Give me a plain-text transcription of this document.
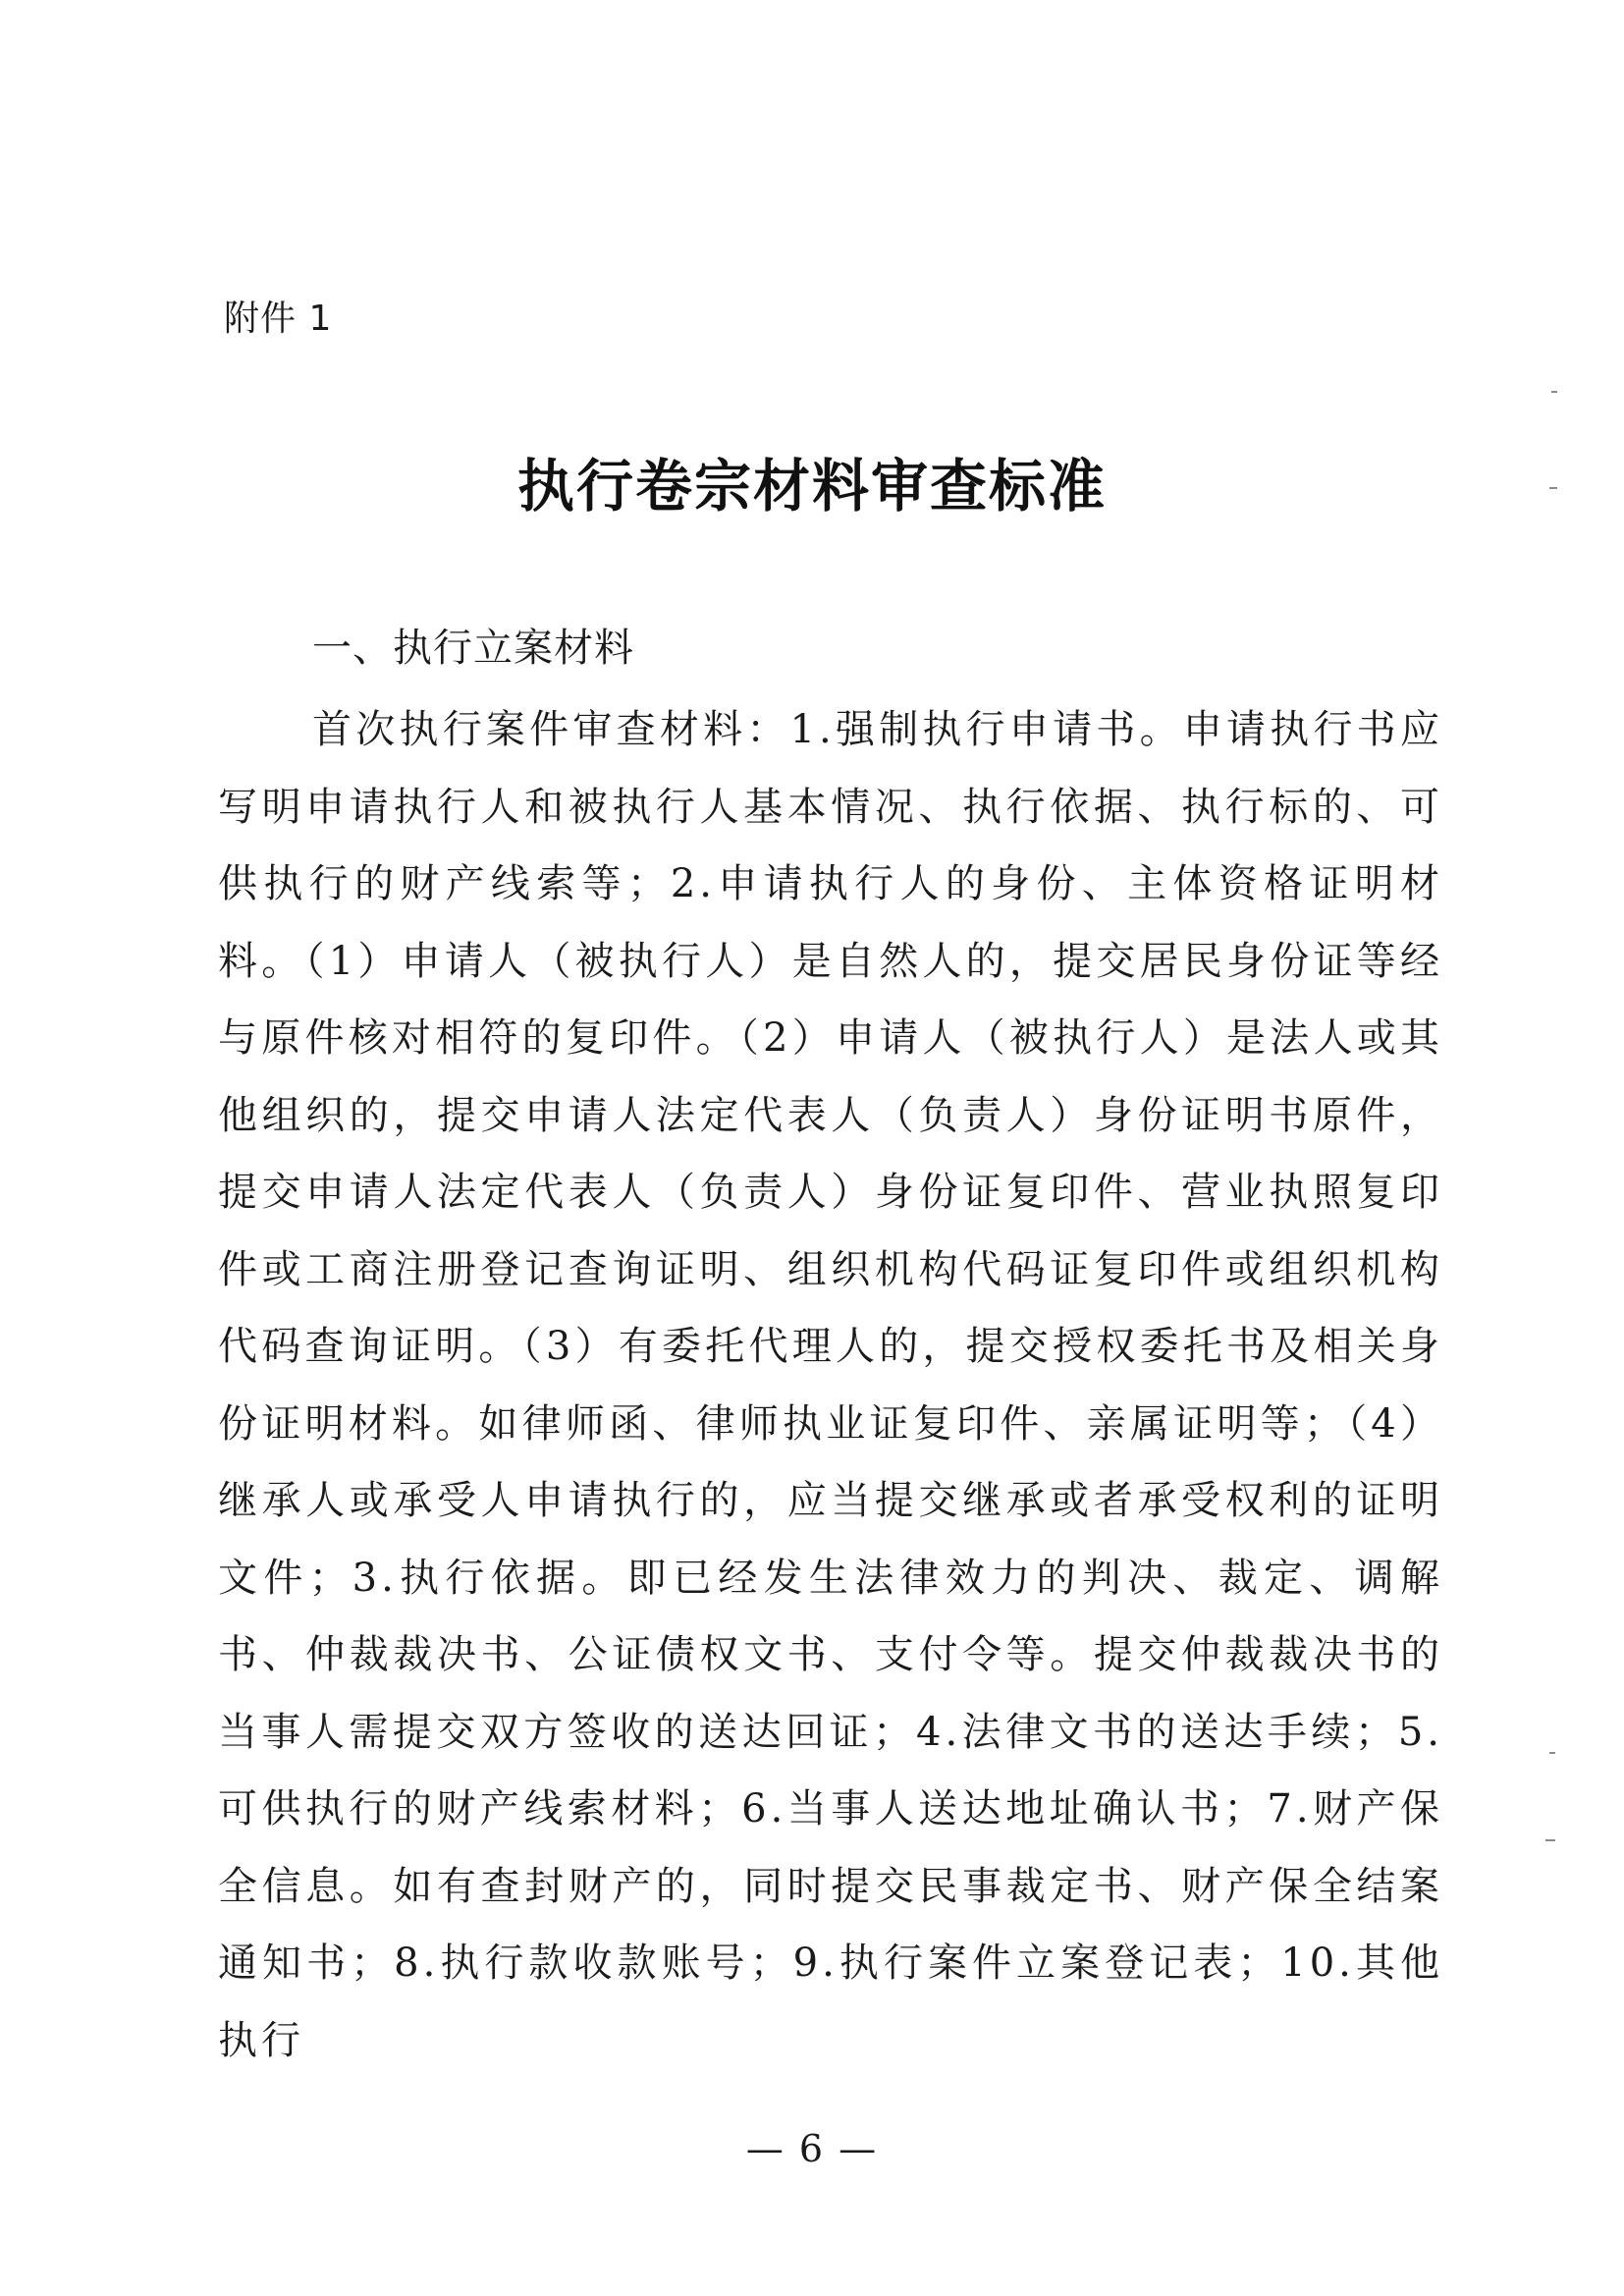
附件 1
执行卷宗材料审查标准
一、执行立案材料

首次执行案件审查材料：1.强制执行申请书。申请执行书应写明申请执行人和被执行人基本情况、执行依据、执行标的、可供执行的财产线索等；2.申请执行人的身份、主体资格证明材料。（1）申请人（被执行人）是自然人的，提交居民身份证等经与原件核对相符的复印件。（2）申请人（被执行人）是法人或其他组织的，提交申请人法定代表人（负责人）身份证明书原件，提交申请人法定代表人（负责人）身份证复印件、营业执照复印件或工商注册登记查询证明、组织机构代码证复印件或组织机构代码查询证明。（3）有委托代理人的，提交授权委托书及相关身份证明材料。如律师函、律师执业证复印件、亲属证明等；（4）继承人或承受人申请执行的，应当提交继承或者承受权利的证明文件；3.执行依据。即已经发生法律效力的判决、裁定、调解书、仲裁裁决书、公证债权文书、支付令等。提交仲裁裁决书的当事人需提交双方签收的送达回证；4.法律文书的送达手续；5.可供执行的财产线索材料；6.当事人送达地址确认书；7.财产保全信息。如有查封财产的，同时提交民事裁定书、财产保全结案通知书；8.执行款收款账号；9.执行案件立案登记表；10.其他执行

— 6 —
